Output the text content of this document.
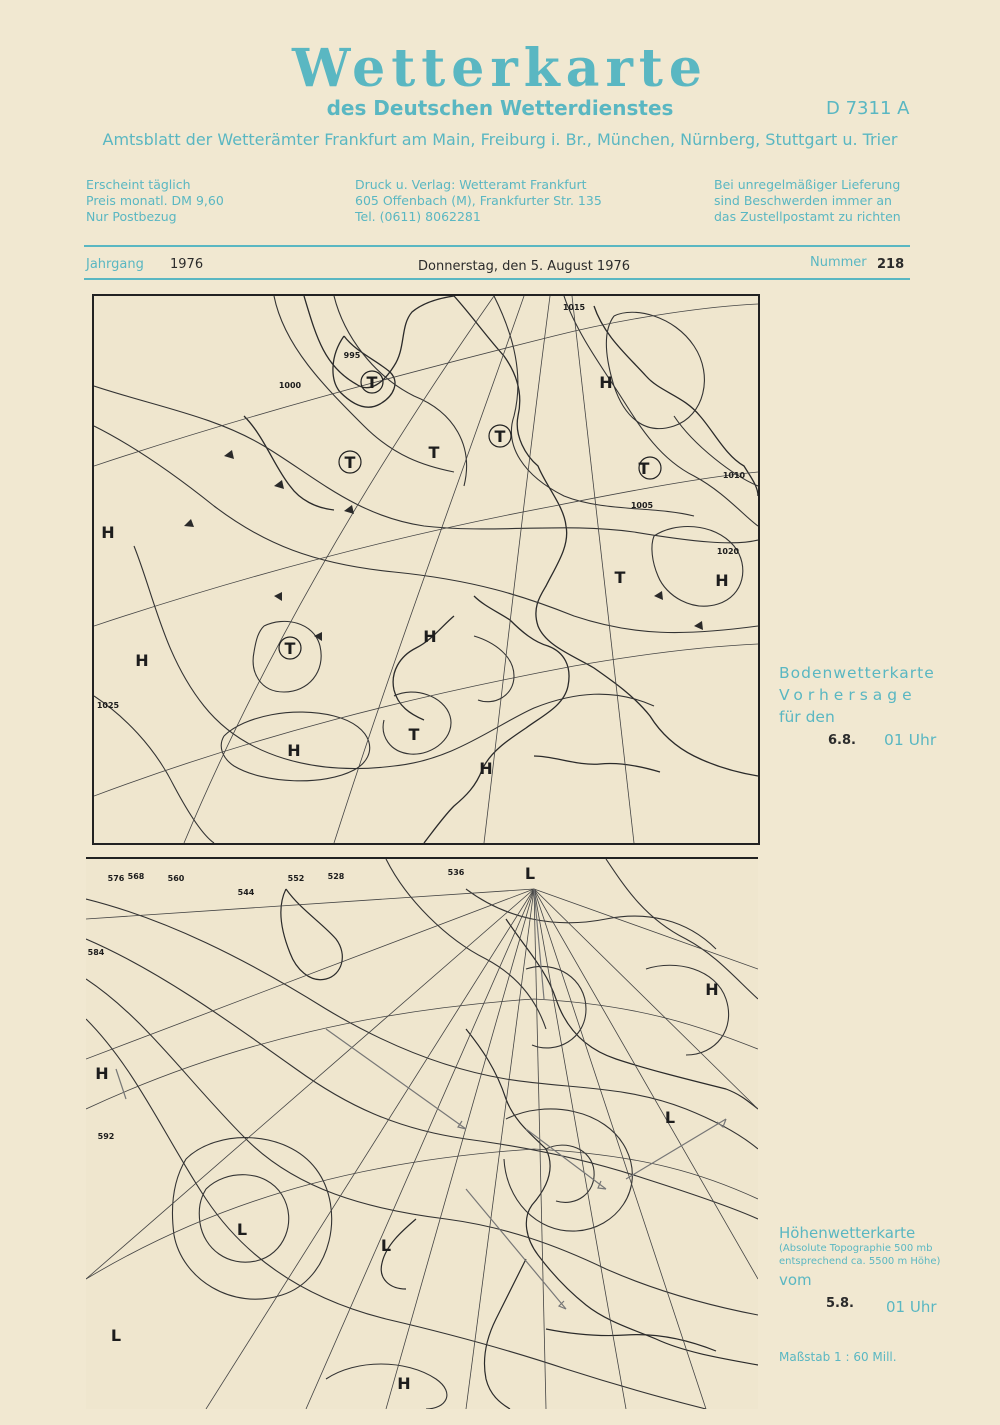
Wetterkarte
des Deutschen Wetterdienstes	D 7311 A
Amtsblatt der Wetterämter Frankfurt am Main, Freiburg i. Br., München, Nürnberg, Stuttgart u. Trier
Erscheint täglich
Preis monatl. DM 9,60
Nur Postbezug
Druck u. Verlag: Wetteramt Frankfurt
605 Offenbach (M), Frankfurter Str. 135
Tel. (0611) 8062281
Bei unregelmäßiger Lieferung
sind Beschwerden immer an
das Zustellpostamt zu richten
Jahrgang 1976	Donnerstag, den 5. August 1976	Nummer 218
995
1000
1005
1010
1015
1020
1025
T
T
T
T
T
H
H
H
H
H
T
H
T
T
H
Bodenwetterkarte
Vorhersage
für den
6.8. 01 Uhr
576 568	560	552
544
536
528
584
592
H
H
L
L
L
L
H
L
Höhenwetterkarte
(Absolute Topographie 500 mb entsprechend ca. 5500 m Höhe)
vom
5.8. 01 Uhr
Maßstab 1 : 60 Mill.
